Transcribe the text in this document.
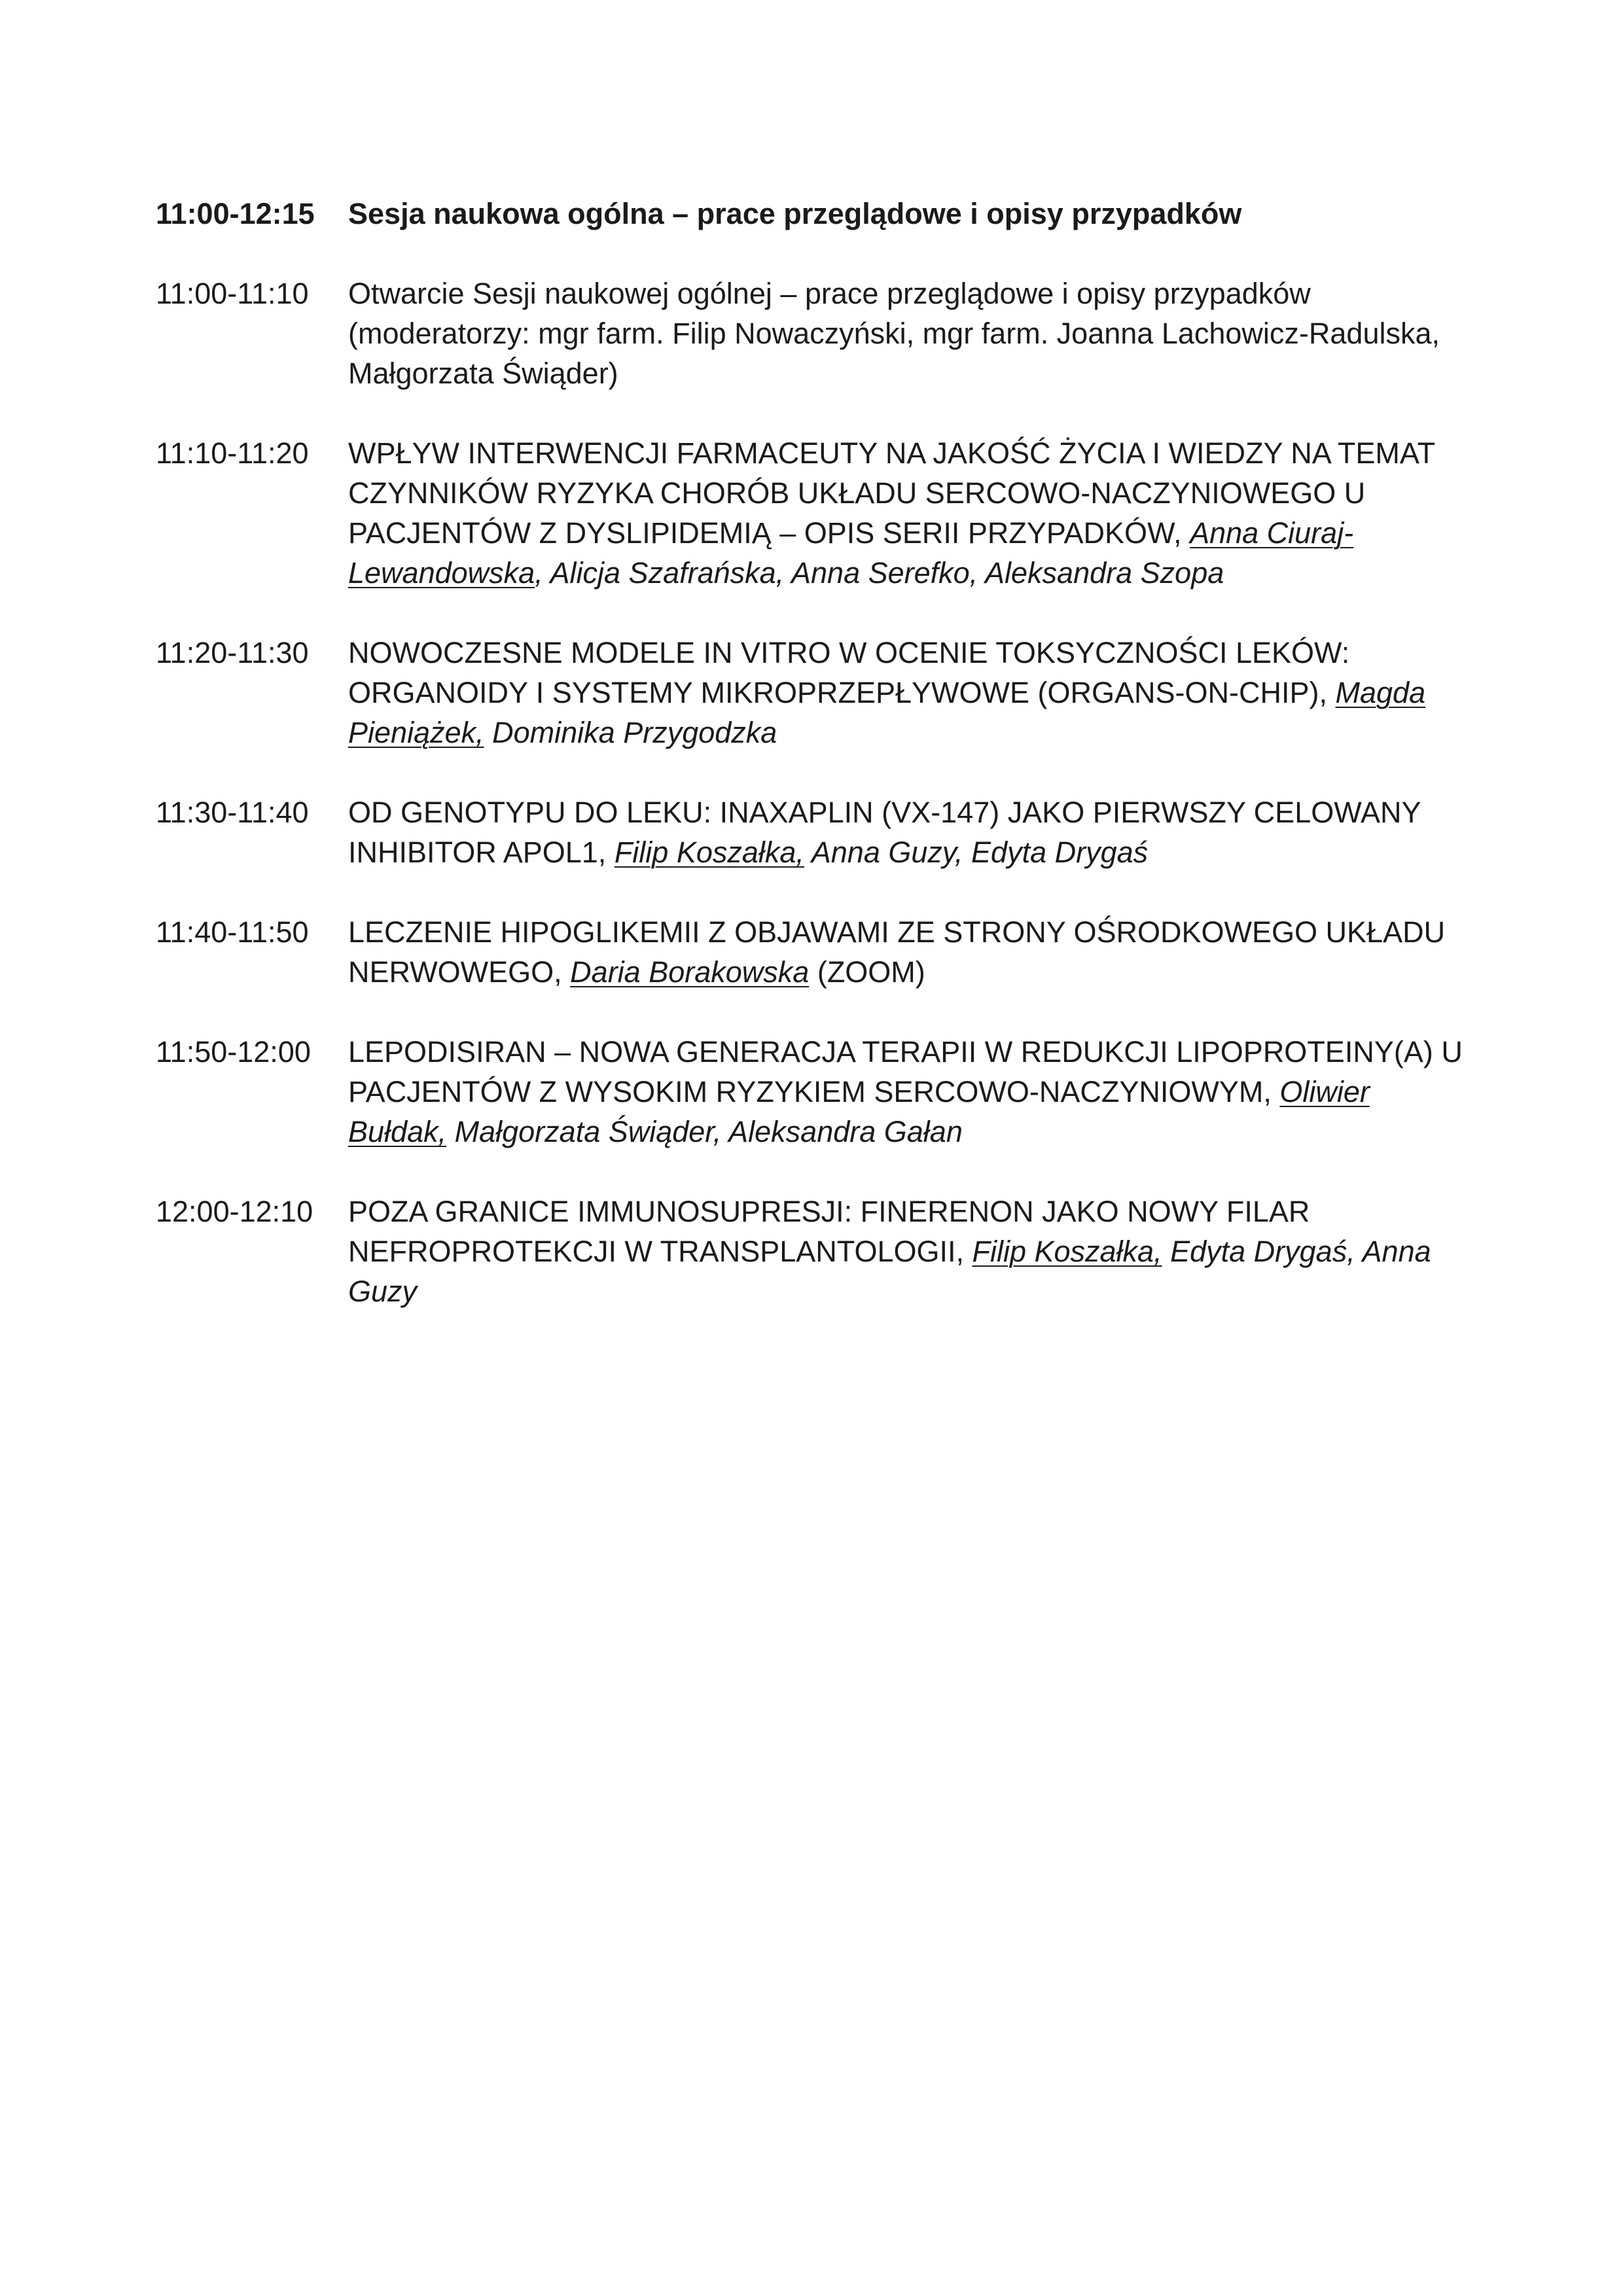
11:00-12:15	Sesja naukowa ogólna – prace przeglądowe i opisy przypadków
11:00-11:10	Otwarcie Sesji naukowej ogólnej – prace przeglądowe i opisy przypadków (moderatorzy: mgr farm. Filip Nowaczyński, mgr farm. Joanna Lachowicz-Radulska, Małgorzata Świąder)
11:10-11:20	WPŁYW INTERWENCJI FARMACEUTY NA JAKOŚĆ ŻYCIA I WIEDZY NA TEMAT CZYNNIKÓW RYZYKA CHORÓB UKŁADU SERCOWO-NACZYNIOWEGO U PACJENTÓW Z DYSLIPIDEMIĄ – OPIS SERII PRZYPADKÓW, Anna Ciuraj-Lewandowska, Alicja Szafrańska, Anna Serefko, Aleksandra Szopa
11:20-11:30	NOWOCZESNE MODELE IN VITRO W OCENIE TOKSYCZNOŚCI LEKÓW: ORGANOIDY I SYSTEMY MIKROPRZEPŁYWOWE (ORGANS-ON-CHIP), Magda Pieniążek, Dominika Przygodzka
11:30-11:40	OD GENOTYPU DO LEKU: INAXAPLIN (VX-147) JAKO PIERWSZY CELOWANY INHIBITOR APOL1, Filip Koszałka, Anna Guzy, Edyta Drygaś
11:40-11:50	LECZENIE HIPOGLIKEMII Z OBJAWAMI ZE STRONY OŚRODKOWEGO UKŁADU NERWOWEGO, Daria Borakowska (ZOOM)
11:50-12:00	LEPODISIRAN – NOWA GENERACJA TERAPII W REDUKCJI LIPOPROTEINY(A) U PACJENTÓW Z WYSOKIM RYZYKIEM SERCOWO-NACZYNIOWYM, Oliwier Bułdak, Małgorzata Świąder, Aleksandra Gałan
12:00-12:10	POZA GRANICE IMMUNOSUPRESJI: FINERENON JAKO NOWY FILAR NEFROPROTEKCJI W TRANSPLANTOLOGII, Filip Koszałka, Edyta Drygaś, Anna Guzy
